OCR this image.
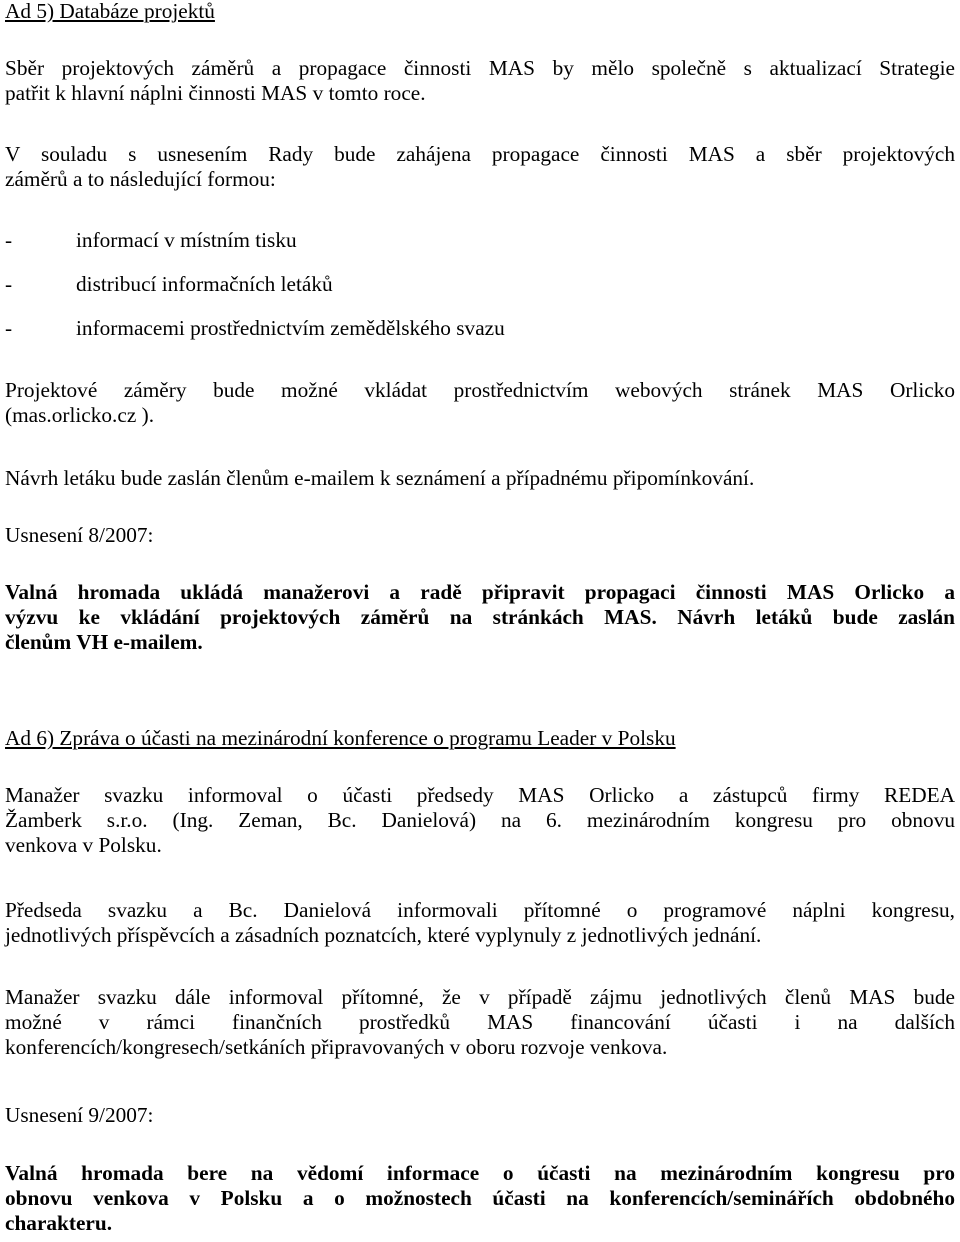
Ad 5) Databáze projektů

Sběr projektových záměrů a propagace činnosti MAS by mělo společně s aktualizací Strategie
patřit k hlavní náplni činnosti MAS v tomto roce.
V souladu s usnesením Rady bude zahájena propagace činnosti MAS a sběr projektových
záměrů a to následující formou:
-	informací v místním tisku
-	distribucí informačních letáků
-	informacemi prostřednictvím zemědělského svazu
Projektové záměry bude možné vkládat prostřednictvím webových stránek MAS Orlicko
(mas.orlicko.cz ).

Návrh letáku bude zaslán členům e-mailem k seznámení a případnému připomínkování.

Usnesení 8/2007:

Valná hromada ukládá manažerovi a radě připravit propagaci činnosti MAS Orlicko a
výzvu ke vkládání projektových záměrů na stránkách MAS. Návrh letáků bude zaslán
členům VH e-mailem.

Ad 6) Zpráva o účasti na mezinárodní konference o programu Leader v Polsku

Manažer svazku informoval o účasti předsedy MAS Orlicko a zástupců firmy REDEA
Žamberk s.r.o. (Ing. Zeman, Bc. Danielová) na 6. mezinárodním kongresu pro obnovu
venkova v Polsku.
Předseda svazku a Bc. Danielová informovali přítomné o programové náplni kongresu,
jednotlivých příspěvcích a zásadních poznatcích, které vyplynuly z jednotlivých jednání.
Manažer svazku dále informoval přítomné, že v případě zájmu jednotlivých členů MAS bude
možné v rámci finančních prostředků MAS financování účasti i na dalších
konferencích/kongresech/setkáních připravovaných v oboru rozvoje venkova.

Usnesení 9/2007:

Valná hromada bere na vědomí informace o účasti na mezinárodním kongresu pro
obnovu venkova v Polsku a o možnostech účasti na konferencích/seminářích obdobného
charakteru.
